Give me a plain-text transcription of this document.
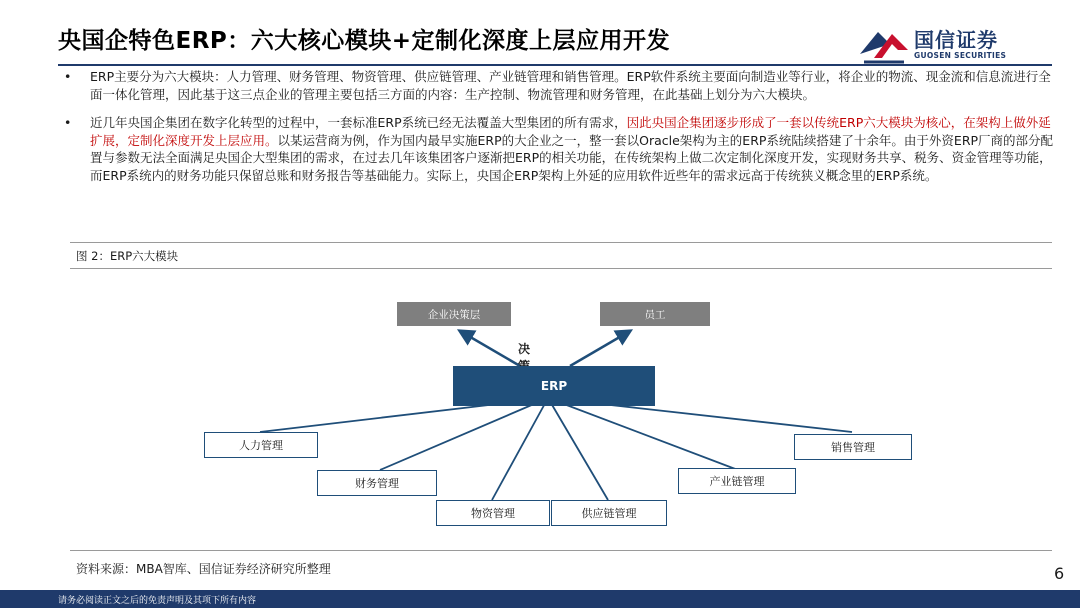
央国企特色ERP：六大核心模块+定制化深度上层应用开发	国信证券
GUOSEN SECURITIES
•	ERP主要分为六大模块：人力管理、财务管理、物资管理、供应链管理、产业链管理和销售管理。ERP软件系统主要面向制造业等行业，将企业的物流、现金流和信息流进行全面一体化管理，因此基于这三点企业的管理主要包括三方面的内容：生产控制、物流管理和财务管理，在此基础上划分为六大模块。
•	近几年央国企集团在数字化转型的过程中，一套标准ERP系统已经无法覆盖大型集团的所有需求，因此央国企集团逐步形成了一套以传统ERP六大模块为核心，在架构上做外延扩展，定制化深度开发上层应用。以某运营商为例，作为国内最早实施ERP的大企业之一，整一套以Oracle架构为主的ERP系统陆续搭建了十余年。由于外资ERP厂商的部分配置与参数无法全面满足央国企大型集团的需求，在过去几年该集团客户逐渐把ERP的相关功能，在传统架构上做二次定制化深度开发，实现财务共享、税务、资金管理等功能，而ERP系统内的财务功能只保留总账和财务报告等基础能力。实际上，央国企ERP架构上外延的应用软件近些年的需求远高于传统狭义概念里的ERP系统。
图 2：ERP六大模块
企业决策层	员工
决
ERP
人力管理
财务管理
物资管理	供应链管理
产业链管理
销售管理
资料来源：MBA智库、国信证券经济研究所整理	6
请务必阅读正文之后的免责声明及其项下所有内容
